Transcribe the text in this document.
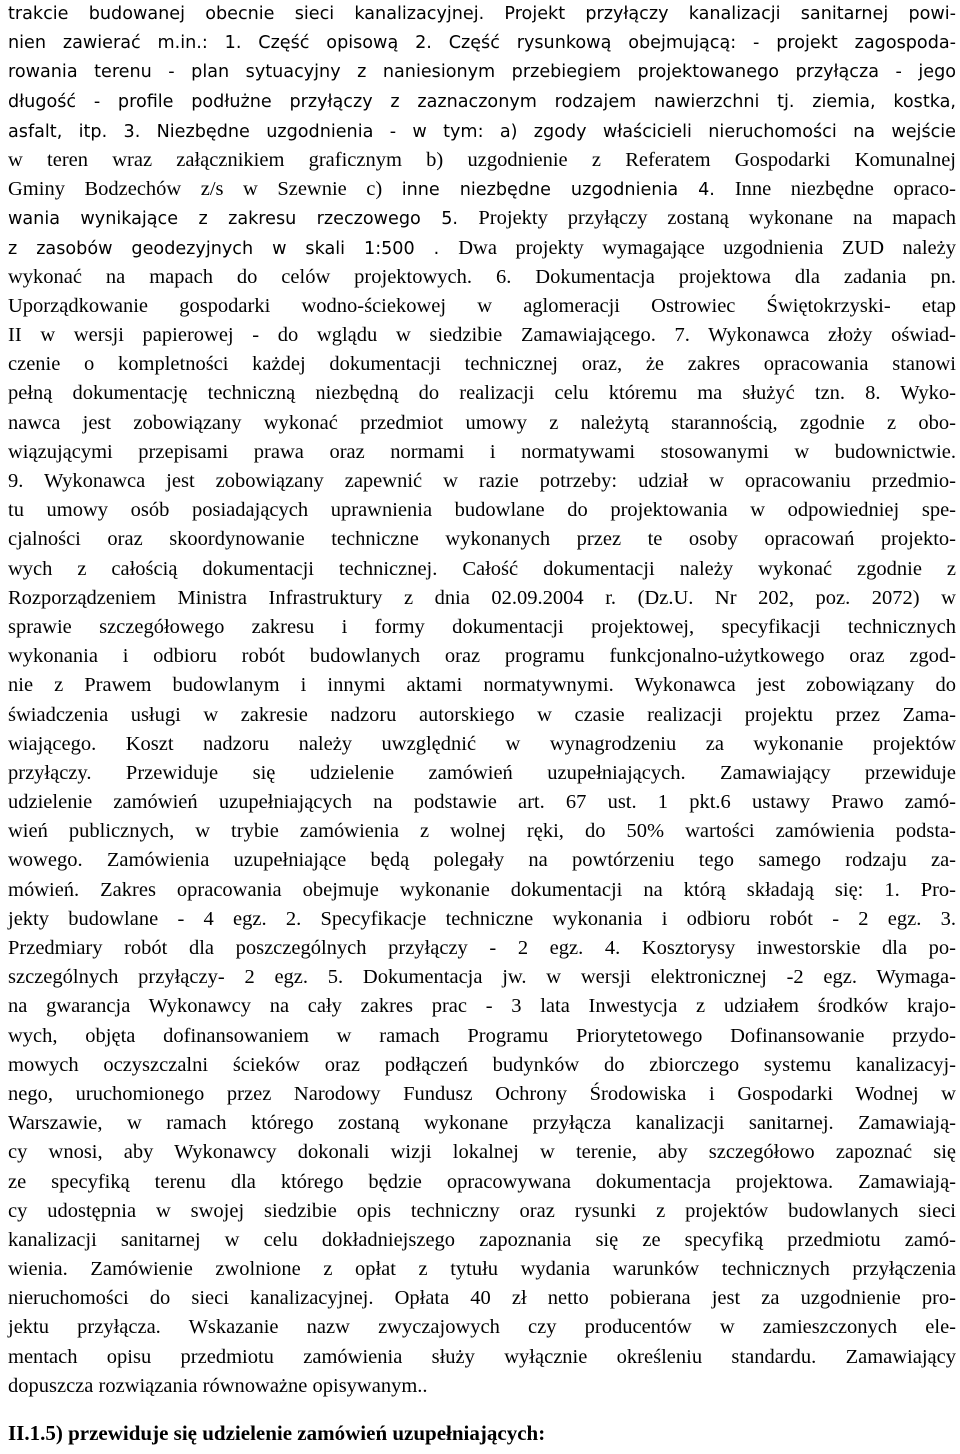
trakcie budowanej obecnie sieci kanalizacyjnej. Projekt przyłączy kanalizacji sanitarnej powi-
nien zawierać m.in.: 1. Część opisową 2. Część rysunkową obejmującą: - projekt zagospoda-
rowania terenu - plan sytuacyjny z naniesionym przebiegiem projektowanego przyłącza - jego
długość - profile podłużne przyłączy z zaznaczonym rodzajem nawierzchni tj. ziemia, kostka,
asfalt, itp. 3. Niezbędne uzgodnienia - w tym: a) zgody właścicieli nieruchomości na wejście
w teren wraz załącznikiem graficznym b) uzgodnienie z Referatem Gospodarki Komunalnej
Gminy Bodzechów z/s w Szewnie c) inne niezbędne uzgodnienia 4. Inne niezbędne opraco-
wania wynikające z zakresu rzeczowego 5. Projekty przyłączy zostaną wykonane na mapach
z zasobów geodezyjnych w skali 1:500 . Dwa projekty wymagające uzgodnienia ZUD należy
wykonać na mapach do celów projektowych. 6. Dokumentacja projektowa dla zadania pn.
Uporządkowanie gospodarki wodno-ściekowej w aglomeracji Ostrowiec Świętokrzyski- etap
II w wersji papierowej - do wglądu w siedzibie Zamawiającego. 7. Wykonawca złoży oświad-
czenie o kompletności każdej dokumentacji technicznej oraz, że zakres opracowania stanowi
pełną dokumentację techniczną niezbędną do realizacji celu któremu ma służyć tzn. 8. Wyko-
nawca jest zobowiązany wykonać przedmiot umowy z należytą starannością, zgodnie z obo-
wiązującymi przepisami prawa oraz normami i normatywami stosowanymi w budownictwie.
9. Wykonawca jest zobowiązany zapewnić w razie potrzeby: udział w opracowaniu przedmio-
tu umowy osób posiadających uprawnienia budowlane do projektowania w odpowiedniej spe-
cjalności oraz skoordynowanie techniczne wykonanych przez te osoby opracowań projekto-
wych z całością dokumentacji technicznej. Całość dokumentacji należy wykonać zgodnie z
Rozporządzeniem Ministra Infrastruktury z dnia 02.09.2004 r. (Dz.U. Nr 202, poz. 2072) w
sprawie szczegółowego zakresu i formy dokumentacji projektowej, specyfikacji technicznych
wykonania i odbioru robót budowlanych oraz programu funkcjonalno-użytkowego oraz zgod-
nie z Prawem budowlanym i innymi aktami normatywnymi. Wykonawca jest zobowiązany do
świadczenia usługi w zakresie nadzoru autorskiego w czasie realizacji projektu przez Zama-
wiającego. Koszt nadzoru należy uwzględnić w wynagrodzeniu za wykonanie projektów
przyłączy. Przewiduje się udzielenie zamówień uzupełniających. Zamawiający przewiduje
udzielenie zamówień uzupełniających na podstawie art. 67 ust. 1 pkt.6 ustawy Prawo zamó-
wień publicznych, w trybie zamówienia z wolnej ręki, do 50% wartości zamówienia podsta-
wowego. Zamówienia uzupełniające będą polegały na powtórzeniu tego samego rodzaju za-
mówień. Zakres opracowania obejmuje wykonanie dokumentacji na którą składają się: 1. Pro-
jekty budowlane - 4 egz. 2. Specyfikacje techniczne wykonania i odbioru robót - 2 egz. 3.
Przedmiary robót dla poszczególnych przyłączy - 2 egz. 4. Kosztorysy inwestorskie dla po-
szczególnych przyłączy- 2 egz. 5. Dokumentacja jw. w wersji elektronicznej -2 egz. Wymaga-
na gwarancja Wykonawcy na cały zakres prac - 3 lata Inwestycja z udziałem środków krajo-
wych, objęta dofinansowaniem w ramach Programu Priorytetowego Dofinansowanie przydo-
mowych oczyszczalni ścieków oraz podłączeń budynków do zbiorczego systemu kanalizacyj-
nego, uruchomionego przez Narodowy Fundusz Ochrony Środowiska i Gospodarki Wodnej w
Warszawie, w ramach którego zostaną wykonane przyłącza kanalizacji sanitarnej. Zamawiają-
cy wnosi, aby Wykonawcy dokonali wizji lokalnej w terenie, aby szczegółowo zapoznać się
ze specyfiką terenu dla którego będzie opracowywana dokumentacja projektowa. Zamawiają-
cy udostępnia w swojej siedzibie opis techniczny oraz rysunki z projektów budowlanych sieci
kanalizacji sanitarnej w celu dokładniejszego zapoznania się ze specyfiką przedmiotu zamó-
wienia. Zamówienie zwolnione z opłat z tytułu wydania warunków technicznych przyłączenia
nieruchomości do sieci kanalizacyjnej. Opłata 40 zł netto pobierana jest za uzgodnienie pro-
jektu przyłącza. Wskazanie nazw zwyczajowych czy producentów w zamieszczonych ele-
mentach opisu przedmiotu zamówienia służy wyłącznie określeniu standardu. Zamawiający
dopuszcza rozwiązania równoważne opisywanym..
II.1.5) przewiduje się udzielenie zamówień uzupełniających:
